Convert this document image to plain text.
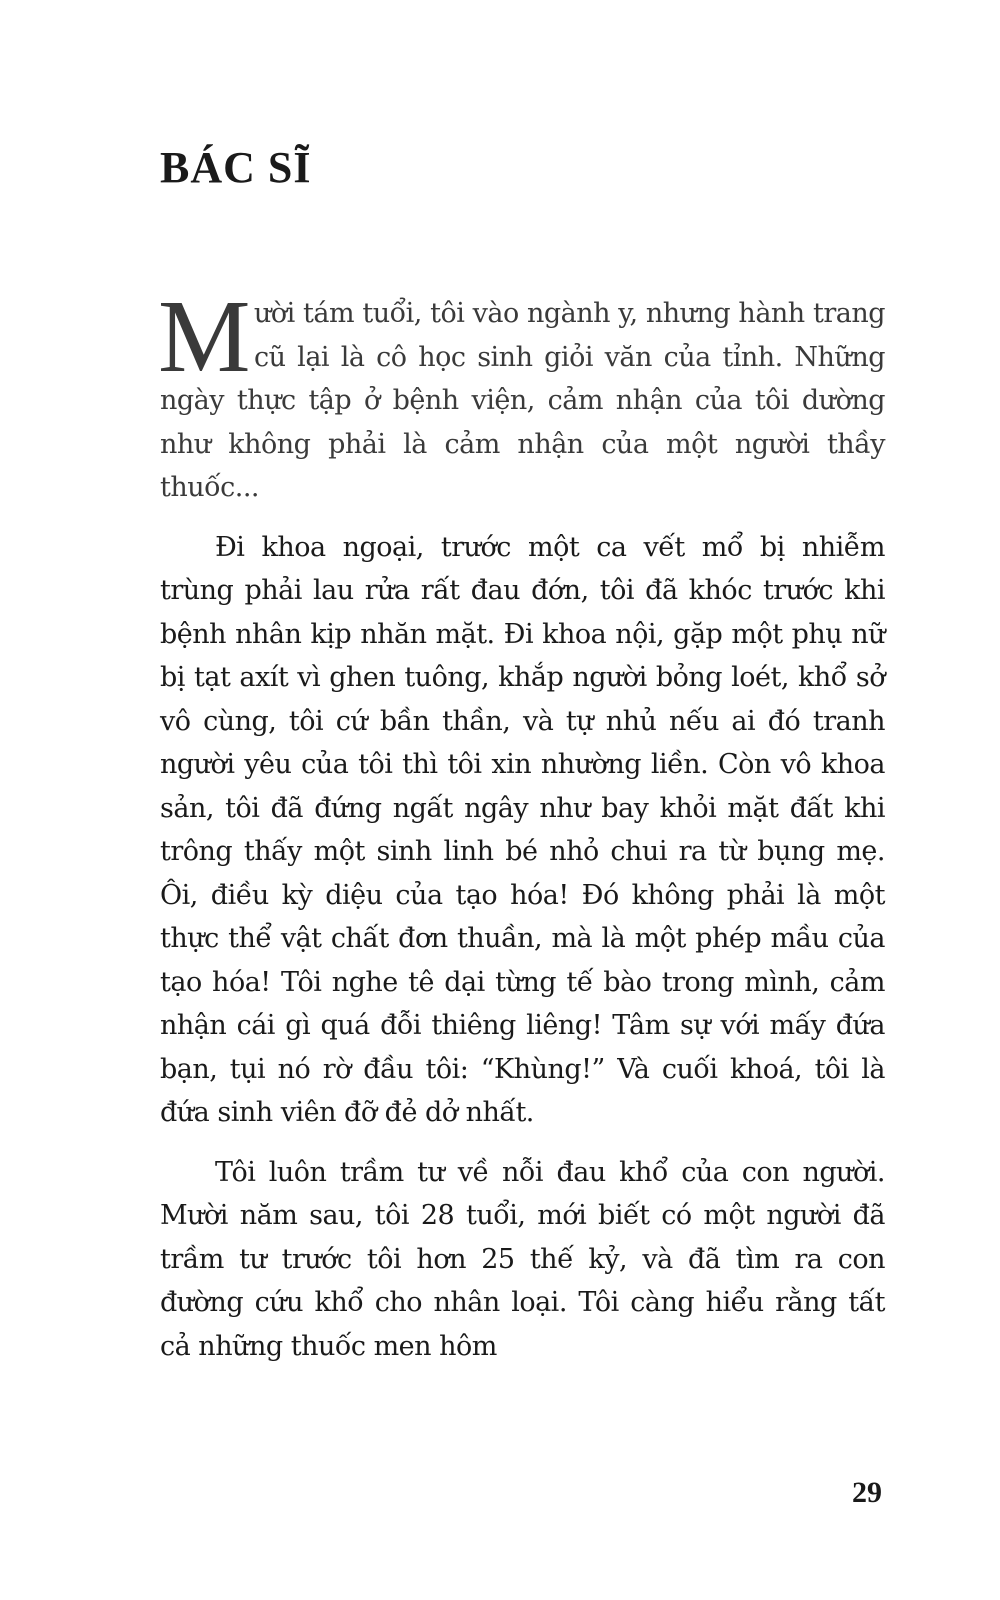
BÁC SĨ

Mười tám tuổi, tôi vào ngành y, nhưng hành trang cũ lại là cô học sinh giỏi văn của tỉnh. Những ngày thực tập ở bệnh viện, cảm nhận của tôi dường như không phải là cảm nhận của một người thầy thuốc...

Đi khoa ngoại, trước một ca vết mổ bị nhiễm trùng phải lau rửa rất đau đớn, tôi đã khóc trước khi bệnh nhân kịp nhăn mặt. Đi khoa nội, gặp một phụ nữ bị tạt axít vì ghen tuông, khắp người bỏng loét, khổ sở vô cùng, tôi cứ bần thần, và tự nhủ nếu ai đó tranh người yêu của tôi thì tôi xin nhường liền. Còn vô khoa sản, tôi đã đứng ngất ngây như bay khỏi mặt đất khi trông thấy một sinh linh bé nhỏ chui ra từ bụng mẹ. Ôi, điều kỳ diệu của tạo hóa! Đó không phải là một thực thể vật chất đơn thuần, mà là một phép mầu của tạo hóa! Tôi nghe tê dại từng tế bào trong mình, cảm nhận cái gì quá đỗi thiêng liêng! Tâm sự với mấy đứa bạn, tụi nó rờ đầu tôi: “Khùng!” Và cuối khoá, tôi là đứa sinh viên đỡ đẻ dở nhất.

Tôi luôn trầm tư về nỗi đau khổ của con người. Mười năm sau, tôi 28 tuổi, mới biết có một người đã trầm tư trước tôi hơn 25 thế kỷ, và đã tìm ra con đường cứu khổ cho nhân loại. Tôi càng hiểu rằng tất cả những thuốc men hôm

29
